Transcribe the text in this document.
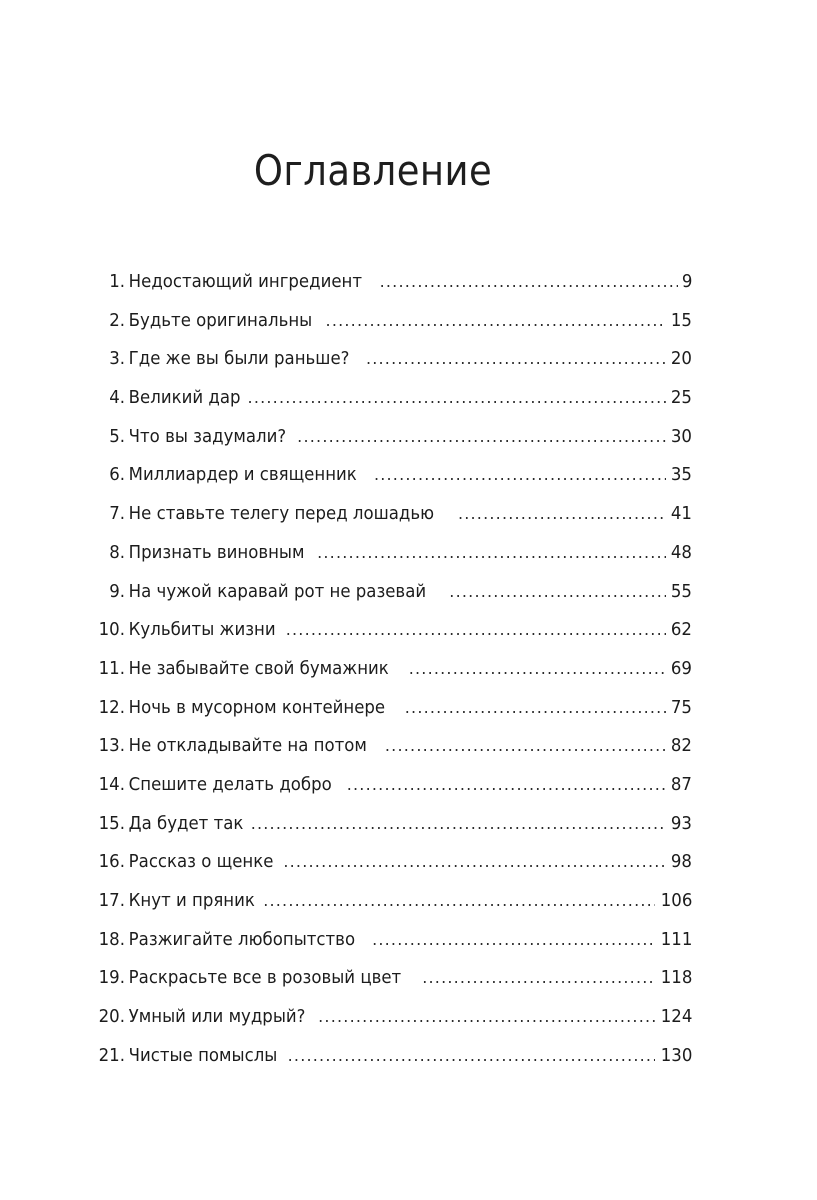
Оглавление
1. Недостающий ингредиент .....	9
2. Будьте оригинальны .....	15
3. Где же вы были раньше? .....	20
4. Великий дар .....	25
5. Что вы задумали? .....	30
6. Миллиардер и священник .....	35
7. Не ставьте телегу перед лошадью .....	41
8. Признать виновным .....	48
9. На чужой каравай рот не разевай .....	55
10. Кульбиты жизни .....	62
11. Не забывайте свой бумажник .....	69
12. Ночь в мусорном контейнере .....	75
13. Не откладывайте на потом .....	82
14. Спешите делать добро .....	87
15. Да будет так .....	93
16. Рассказ о щенке .....	98
17. Кнут и пряник .....	106
18. Разжигайте любопытство .....	111
19. Раскрасьте все в розовый цвет .....	118
20. Умный или мудрый? .....	124
21. Чистые помыслы .....	130
